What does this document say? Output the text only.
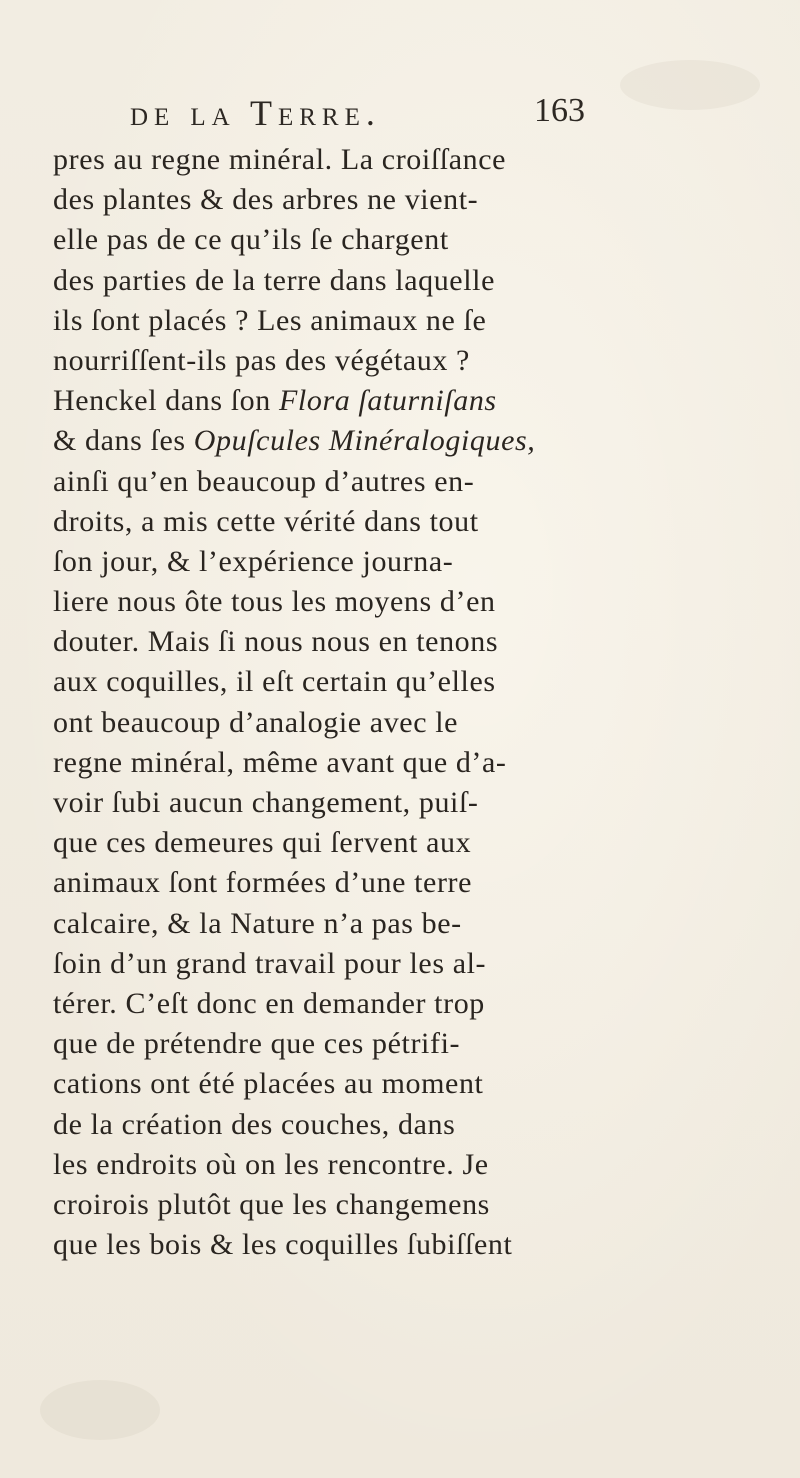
de la Terre.	163
pres au regne minéral. La croiſſance
des plantes & des arbres ne vient-
elle pas de ce qu’ils ſe chargent
des parties de la terre dans laquelle
ils ſont placés ? Les animaux ne ſe
nourriſſent-ils pas des végétaux ?
Henckel dans ſon Flora ſaturniſans
& dans ſes Opuſcules Minéralogiques,
ainſi qu’en beaucoup d’autres en-
droits, a mis cette vérité dans tout
ſon jour, & l’expérience journa-
liere nous ôte tous les moyens d’en
douter. Mais ſi nous nous en tenons
aux coquilles, il eſt certain qu’elles
ont beaucoup d’analogie avec le
regne minéral, même avant que d’a-
voir ſubi aucun changement, puiſ-
que ces demeures qui ſervent aux
animaux ſont formées d’une terre
calcaire, & la Nature n’a pas be-
ſoin d’un grand travail pour les al-
térer. C’eſt donc en demander trop
que de prétendre que ces pétrifi-
cations ont été placées au moment
de la création des couches, dans
les endroits où on les rencontre. Je
croirois plutôt que les changemens
que les bois & les coquilles ſubiſſent
